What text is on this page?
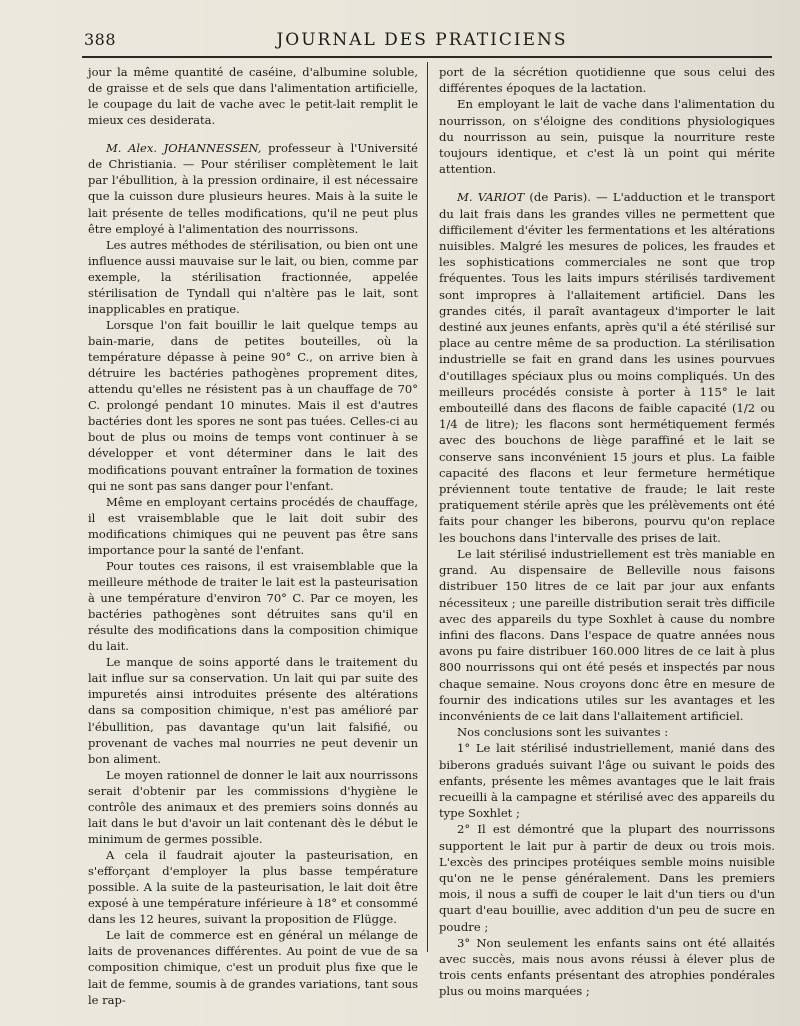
388	JOURNAL DES PRATICIENS

jour la même quantité de caséine, d'albumine soluble, de graisse et de sels que dans l'alimentation artificielle, le coupage du lait de vache avec le petit-lait remplit le mieux ces desiderata.

M. Alex. JOHANNESSEN, professeur à l'Université de Christiania. — Pour stériliser complètement le lait par l'ébullition, à la pression ordinaire, il est nécessaire que la cuisson dure plusieurs heures. Mais à la suite le lait présente de telles modifications, qu'il ne peut plus être employé à l'alimentation des nourrissons.

Les autres méthodes de stérilisation, ou bien ont une influence aussi mauvaise sur le lait, ou bien, comme par exemple, la stérilisation fractionnée, appelée stérilisation de Tyndall qui n'altère pas le lait, sont inapplicables en pratique.

Lorsque l'on fait bouillir le lait quelque temps au bain-marie, dans de petites bouteilles, où la température dépasse à peine 90° C., on arrive bien à détruire les bactéries pathogènes proprement dites, attendu qu'elles ne résistent pas à un chauffage de 70° C. prolongé pendant 10 minutes. Mais il est d'autres bactéries dont les spores ne sont pas tuées. Celles-ci au bout de plus ou moins de temps vont continuer à se développer et vont déterminer dans le lait des modifications pouvant entraîner la formation de toxines qui ne sont pas sans danger pour l'enfant.

Même en employant certains procédés de chauffage, il est vraisemblable que le lait doit subir des modifications chimiques qui ne peuvent pas être sans importance pour la santé de l'enfant.

Pour toutes ces raisons, il est vraisemblable que la meilleure méthode de traiter le lait est la pasteurisation à une température d'environ 70° C. Par ce moyen, les bactéries pathogènes sont détruites sans qu'il en résulte des modifications dans la composition chimique du lait.

Le manque de soins apporté dans le traitement du lait influe sur sa conservation. Un lait qui par suite des impuretés ainsi introduites présente des altérations dans sa composition chimique, n'est pas amélioré par l'ébullition, pas davantage qu'un lait falsifié, ou provenant de vaches mal nourries ne peut devenir un bon aliment.

Le moyen rationnel de donner le lait aux nourrissons serait d'obtenir par les commissions d'hygiène le contrôle des animaux et des premiers soins donnés au lait dans le but d'avoir un lait contenant dès le début le minimum de germes possible.

A cela il faudrait ajouter la pasteurisation, en s'efforçant d'employer la plus basse température possible. A la suite de la pasteurisation, le lait doit être exposé à une température inférieure à 18° et consommé dans les 12 heures, suivant la proposition de Flügge.

Le lait de commerce est en général un mélange de laits de provenances différentes. Au point de vue de sa composition chimique, c'est un produit plus fixe que le lait de femme, soumis à de grandes variations, tant sous le rap-

port de la sécrétion quotidienne que sous celui des différentes époques de la lactation.

En employant le lait de vache dans l'alimentation du nourrisson, on s'éloigne des conditions physiologiques du nourrisson au sein, puisque la nourriture reste toujours identique, et c'est là un point qui mérite attention.

M. VARIOT (de Paris). — L'adduction et le transport du lait frais dans les grandes villes ne permettent que difficilement d'éviter les fermentations et les altérations nuisibles. Malgré les mesures de polices, les fraudes et les sophistications commerciales ne sont que trop fréquentes. Tous les laits impurs stérilisés tardivement sont impropres à l'allaitement artificiel. Dans les grandes cités, il paraît avantageux d'importer le lait destiné aux jeunes enfants, après qu'il a été stérilisé sur place au centre même de sa production. La stérilisation industrielle se fait en grand dans les usines pourvues d'outillages spéciaux plus ou moins compliqués. Un des meilleurs procédés consiste à porter à 115° le lait embouteillé dans des flacons de faible capacité (1/2 ou 1/4 de litre); les flacons sont hermétiquement fermés avec des bouchons de liège paraffiné et le lait se conserve sans inconvénient 15 jours et plus. La faible capacité des flacons et leur fermeture hermétique préviennent toute tentative de fraude; le lait reste pratiquement stérile après que les prélèvements ont été faits pour changer les biberons, pourvu qu'on replace les bouchons dans l'intervalle des prises de lait.

Le lait stérilisé industriellement est très maniable en grand. Au dispensaire de Belleville nous faisons distribuer 150 litres de ce lait par jour aux enfants nécessiteux ; une pareille distribution serait très difficile avec des appareils du type Soxhlet à cause du nombre infini des flacons. Dans l'espace de quatre années nous avons pu faire distribuer 160.000 litres de ce lait à plus 800 nourrissons qui ont été pesés et inspectés par nous chaque semaine. Nous croyons donc être en mesure de fournir des indications utiles sur les avantages et les inconvénients de ce lait dans l'allaitement artificiel.

Nos conclusions sont les suivantes :

1° Le lait stérilisé industriellement, manié dans des biberons gradués suivant l'âge ou suivant le poids des enfants, présente les mêmes avantages que le lait frais recueilli à la campagne et stérilisé avec des appareils du type Soxhlet ;

2° Il est démontré que la plupart des nourrissons supportent le lait pur à partir de deux ou trois mois. L'excès des principes protéiques semble moins nuisible qu'on ne le pense généralement. Dans les premiers mois, il nous a suffi de couper le lait d'un tiers ou d'un quart d'eau bouillie, avec addition d'un peu de sucre en poudre ;

3° Non seulement les enfants sains ont été allaités avec succès, mais nous avons réussi à élever plus de trois cents enfants présentant des atrophies pondérales plus ou moins marquées ;
